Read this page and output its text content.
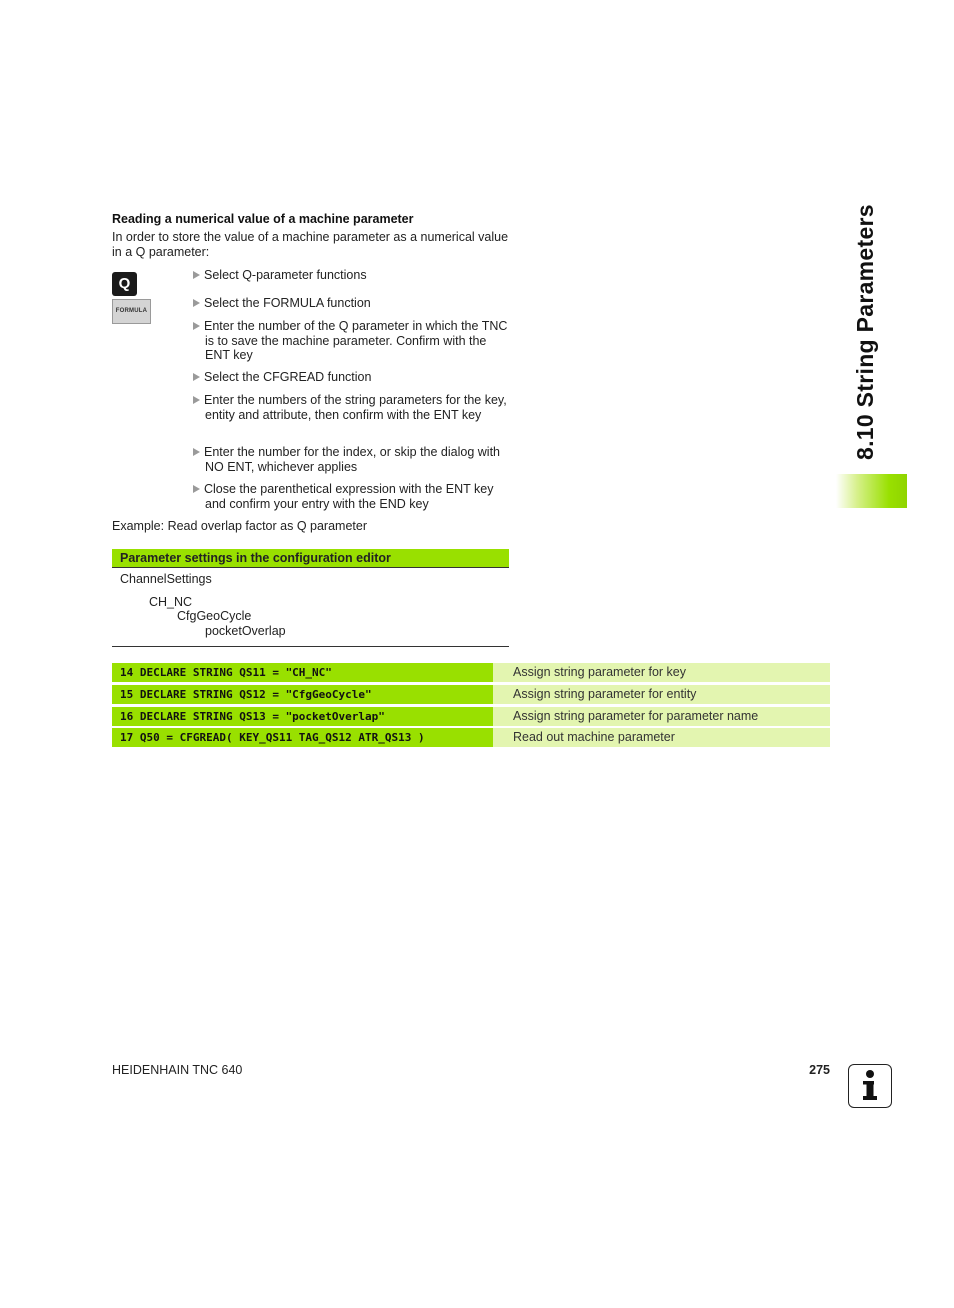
Reading a numerical value of a machine parameter
In order to store the value of a machine parameter as a numerical value in a Q parameter:
Q
FORMULA
Select Q-parameter functions
Select the FORMULA function
Enter the number of the Q parameter in which the TNC is to save the machine parameter. Confirm with the ENT key
Select the CFGREAD function
Enter the numbers of the string parameters for the key, entity and attribute, then confirm with the ENT key
Enter the number for the index, or skip the dialog with NO ENT, whichever applies
Close the parenthetical expression with the ENT key and confirm your entry with the END key
Example: Read overlap factor as Q parameter
Parameter settings in the configuration editor
ChannelSettings
CH_NC
CfgGeoCycle
pocketOverlap
14 DECLARE STRING QS11 = "CH_NC"	Assign string parameter for key
15 DECLARE STRING QS12 = "CfgGeoCycle"	Assign string parameter for entity
16 DECLARE STRING QS13 = "pocketOverlap"	Assign string parameter for parameter name
17 Q50 = CFGREAD( KEY_QS11 TAG_QS12 ATR_QS13 )	Read out machine parameter
8.10 String Parameters
HEIDENHAIN TNC 640	275
